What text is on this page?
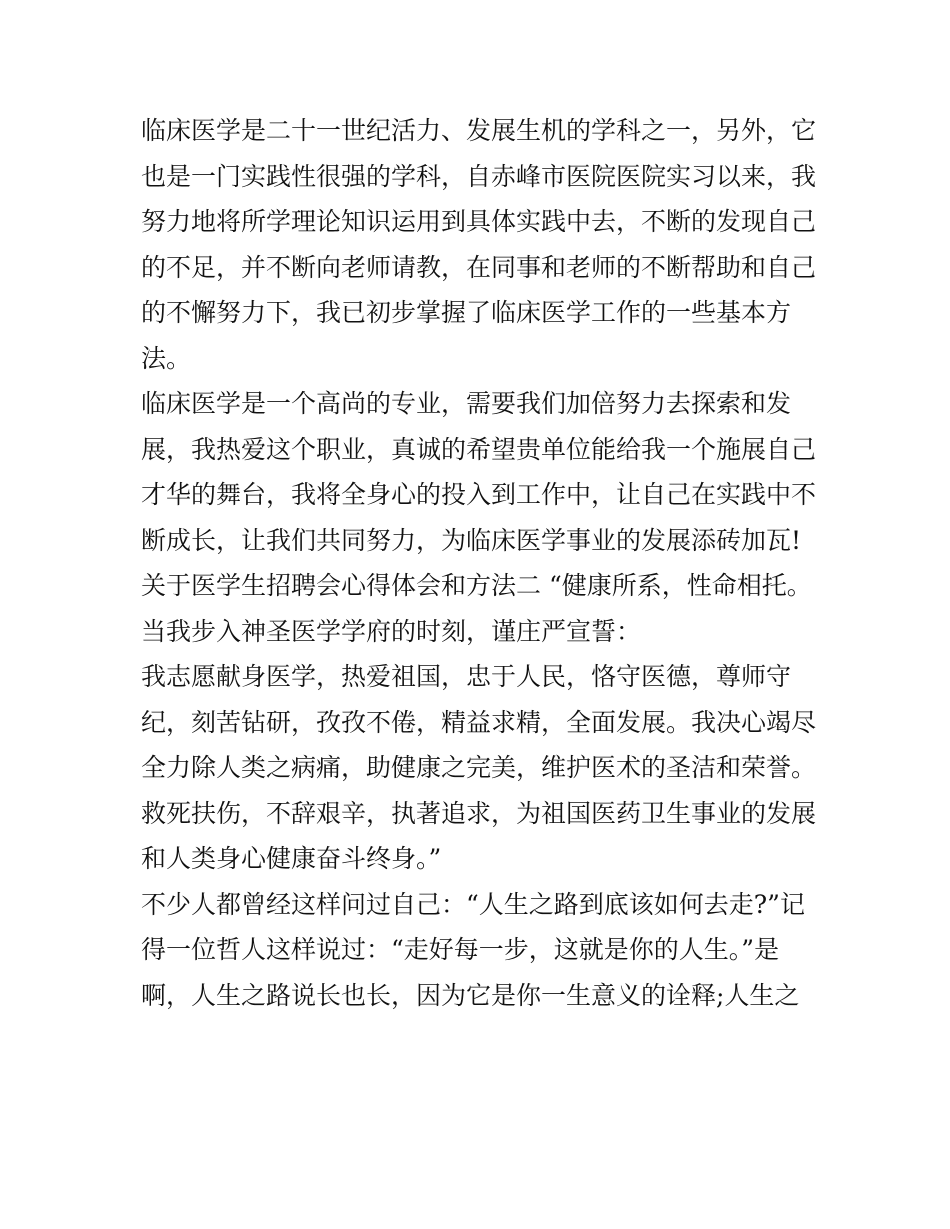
临床医学是二十一世纪活力、发展生机的学科之一，另外，它
也是一门实践性很强的学科，自赤峰市医院医院实习以来，我
努力地将所学理论知识运用到具体实践中去，不断的发现自己
的不足，并不断向老师请教，在同事和老师的不断帮助和自己
的不懈努力下，我已初步掌握了临床医学工作的一些基本方
法。
临床医学是一个高尚的专业，需要我们加倍努力去探索和发
展，我热爱这个职业，真诚的希望贵单位能给我一个施展自己
才华的舞台，我将全身心的投入到工作中，让自己在实践中不
断成长，让我们共同努力，为临床医学事业的发展添砖加瓦!
关于医学生招聘会心得体会和方法二 “健康所系，性命相托。
当我步入神圣医学学府的时刻，谨庄严宣誓：
我志愿献身医学，热爱祖国，忠于人民，恪守医德，尊师守
纪，刻苦钻研，孜孜不倦，精益求精，全面发展。我决心竭尽
全力除人类之病痛，助健康之完美，维护医术的圣洁和荣誉。
救死扶伤，不辞艰辛，执著追求，为祖国医药卫生事业的发展
和人类身心健康奋斗终身。”
不少人都曾经这样问过自己：“人生之路到底该如何去走?”记
得一位哲人这样说过：“走好每一步，这就是你的人生。”是
啊，人生之路说长也长，因为它是你一生意义的诠释;人生之
